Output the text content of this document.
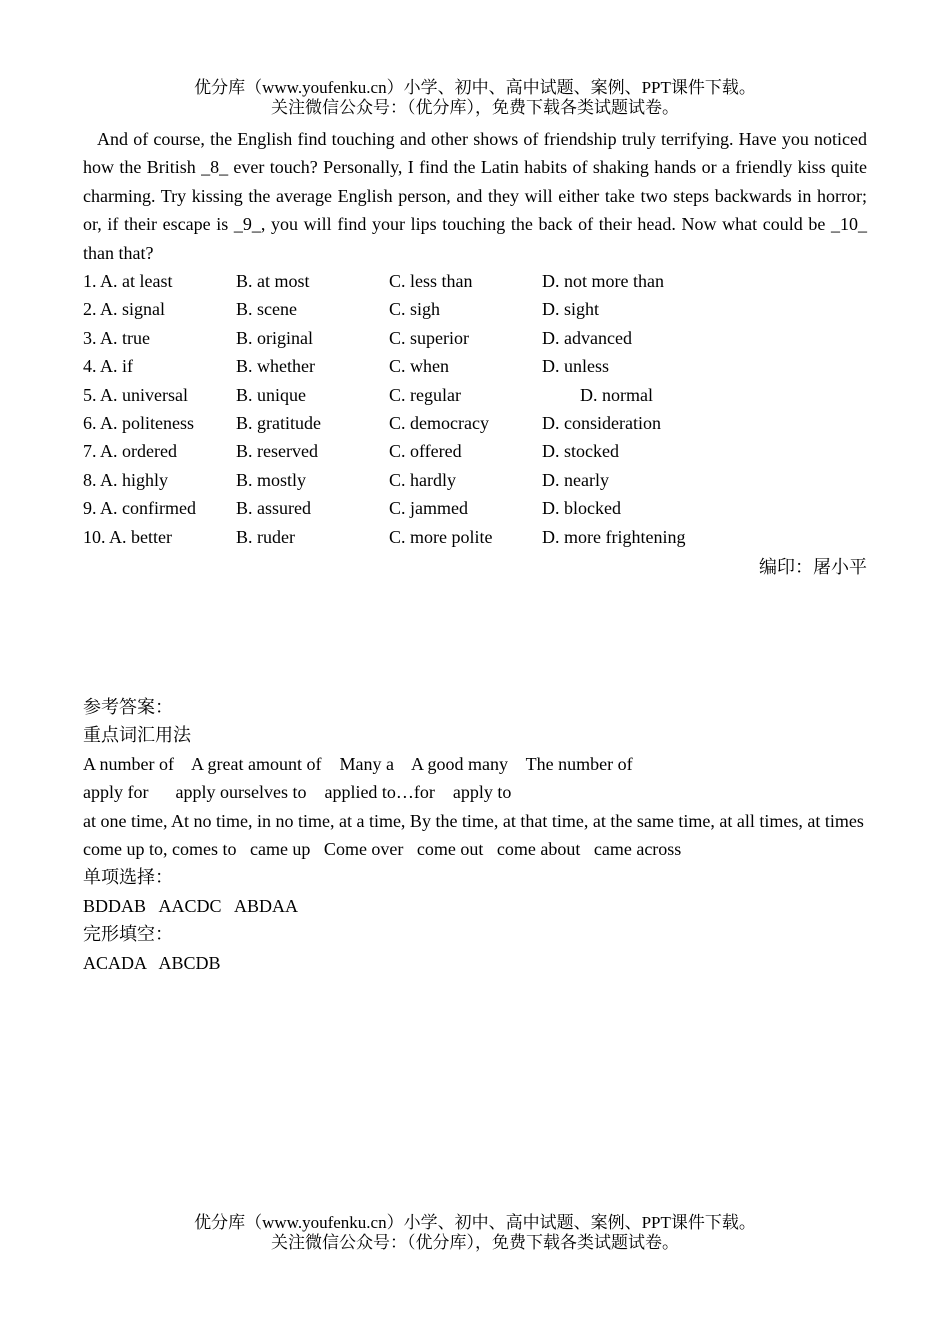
优分库（www.youfenku.cn）小学、初中、高中试题、案例、PPT课件下载。
关注微信公众号：（优分库），免费下载各类试题试卷。
And of course, the English find touching and other shows of friendship truly terrifying. Have you noticed how the British _8_ ever touch? Personally, I find the Latin habits of shaking hands or a friendly kiss quite charming. Try kissing the average English person, and they will either take two steps backwards in horror; or, if their escape is _9_, you will find your lips touching the back of their head. Now what could be _10_ than that?
1. A. at least	B. at most	C. less than	D. not more than
2. A. signal	B. scene	C. sigh	D. sight
3. A. true	B. original	C. superior	D. advanced
4. A. if	B. whether	C. when	D. unless
5. A. universal	B. unique	C. regular	D. normal
6. A. politeness B. gratitude	C. democracy	D. consideration
7. A. ordered	B. reserved	C. offered	D. stocked
8. A. highly	B. mostly	C. hardly	D. nearly
9. A. confirmed B. assured	C. jammed	D. blocked
10. A. better	B. ruder	C. more polite	D. more frightening
编印：屠小平
参考答案：
重点词汇用法
A number of    A great amount of    Many a    A good many    The number of
apply for      apply ourselves to    applied to…for    apply to
at one time, At no time, in no time, at a time, By the time, at that time, at the same time, at all times, at times
come up to, comes to   came up   Come over   come out   come about   came across
单项选择：
BDDAB   AACDC   ABDAA
完形填空：
ACADA   ABCDB
优分库（www.youfenku.cn）小学、初中、高中试题、案例、PPT课件下载。
关注微信公众号：（优分库），免费下载各类试题试卷。
